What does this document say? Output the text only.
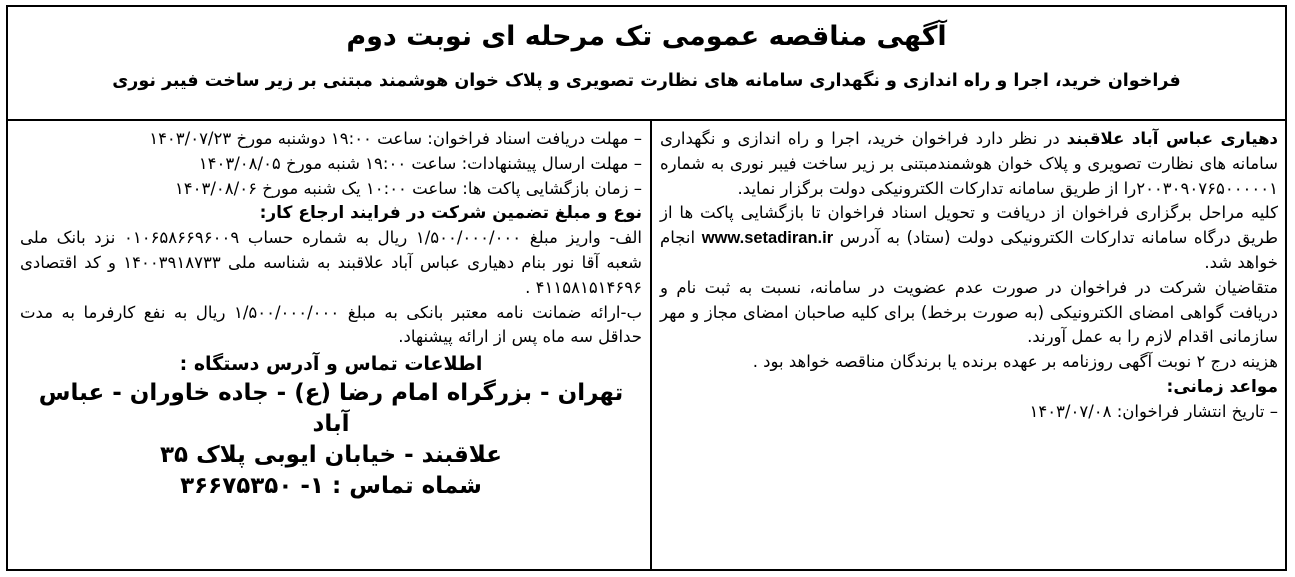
آگهی مناقصه عمومی تک مرحله ای نوبت دوم
فراخوان خرید، اجرا و راه اندازی و نگهداری سامانه های نظارت تصویری و پلاک خوان هوشمند مبتنی بر زیر ساخت فیبر نوری

دهیاری عباس آباد علاقبند در نظر دارد فراخوان خرید، اجرا و راه اندازی و نگهداری سامانه های نظارت تصویری و پلاک خوان هوشمندمبتنی بر زیر ساخت فیبر نوری به شماره ۲۰۰۳۰۹۰۷۶۵۰۰۰۰۰۱را از طریق سامانه تدارکات الکترونیکی دولت برگزار نماید.

کلیه مراحل برگزاری فراخوان از دریافت و تحویل اسناد فراخوان تا بازگشایی پاکت ها از طریق درگاه سامانه تدارکات الکترونیکی دولت (ستاد) به آدرس www.setadiran.ir انجام خواهد شد.

متقاضیان شرکت در فراخوان در صورت عدم عضویت در سامانه، نسبت به ثبت نام و دریافت گواهی امضای الکترونیکی (به صورت برخط) برای کلیه صاحبان امضای مجاز و مهر سازمانی اقدام لازم را به عمل آورند.

هزینه درج ۲ نوبت آگهی روزنامه بر عهده برنده یا برندگان مناقصه خواهد بود .

مواعد زمانی:

– تاریخ انتشار فراخوان: ۱۴۰۳/۰۷/۰۸

– مهلت دریافت اسناد فراخوان: ساعت ۱۹:۰۰ دوشنبه مورخ ۱۴۰۳/۰۷/۲۳

– مهلت ارسال پیشنهادات: ساعت ۱۹:۰۰ شنبه مورخ ۱۴۰۳/۰۸/۰۵

– زمان بازگشایی پاکت ها: ساعت ۱۰:۰۰ یک شنبه مورخ ۱۴۰۳/۰۸/۰۶

نوع و مبلغ تضمین شرکت در فرایند ارجاع کار:

الف- واریز مبلغ ۱/۵۰۰/۰۰۰/۰۰۰ ریال به شماره حساب ۰۱۰۶۵۸۶۶۹۶۰۰۹ نزد بانک ملی شعبه آقا نور بنام دهیاری عباس آباد علاقبند به شناسه ملی ۱۴۰۰۳۹۱۸۷۳۳ و کد اقتصادی ۴۱۱۵۸۱۵۱۴۶۹۶ .

ب-ارائه ضمانت نامه معتبر بانکی به مبلغ ۱/۵۰۰/۰۰۰/۰۰۰ ریال به نفع کارفرما به مدت حداقل سه ماه پس از ارائه پیشنهاد.

اطلاعات تماس و آدرس دستگاه :
تهران - بزرگراه امام رضا (ع) - جاده خاوران - عباس آباد
علاقبند - خیابان ایوبی پلاک ۳۵
شماه تماس : ۱- ۳۶۶۷۵۳۵۰
